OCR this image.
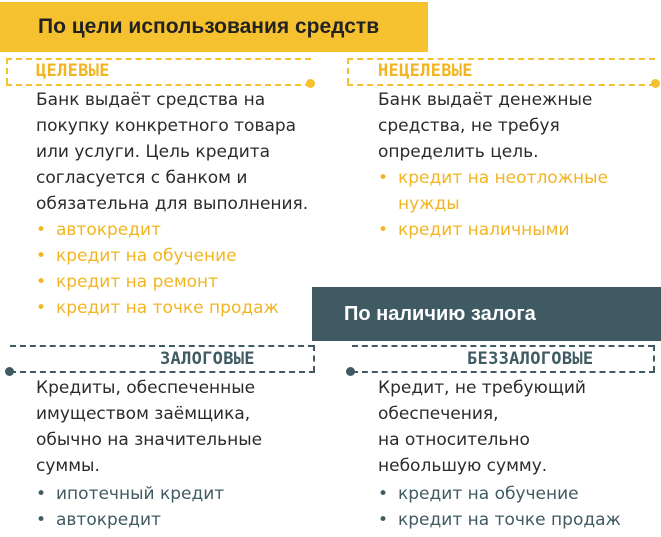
По цели использования средств
По наличию залога
ЦЕЛЕВЫЕ	НЕЦЕЛЕВЫЕ
ЗАЛОГОВЫЕ	БЕЗЗАЛОГОВЫЕ
Банк выдаёт средства на
покупку конкретного товара
или услуги. Цель кредита
согласуется с банком и
обязательна для выполнения.
• автокредит
• кредит на обучение
• кредит на ремонт
• кредит на точке продаж
Банк выдаёт денежные
средства, не требуя
определить цель.
• кредит на неотложные
нужды
• кредит наличными
Кредиты, обеспеченные
имуществом заёмщика,
обычно на значительные
суммы.
• ипотечный кредит
• автокредит
Кредит, не требующий
обеспечения,
на относительно
небольшую сумму.
• кредит на обучение
• кредит на точке продаж
